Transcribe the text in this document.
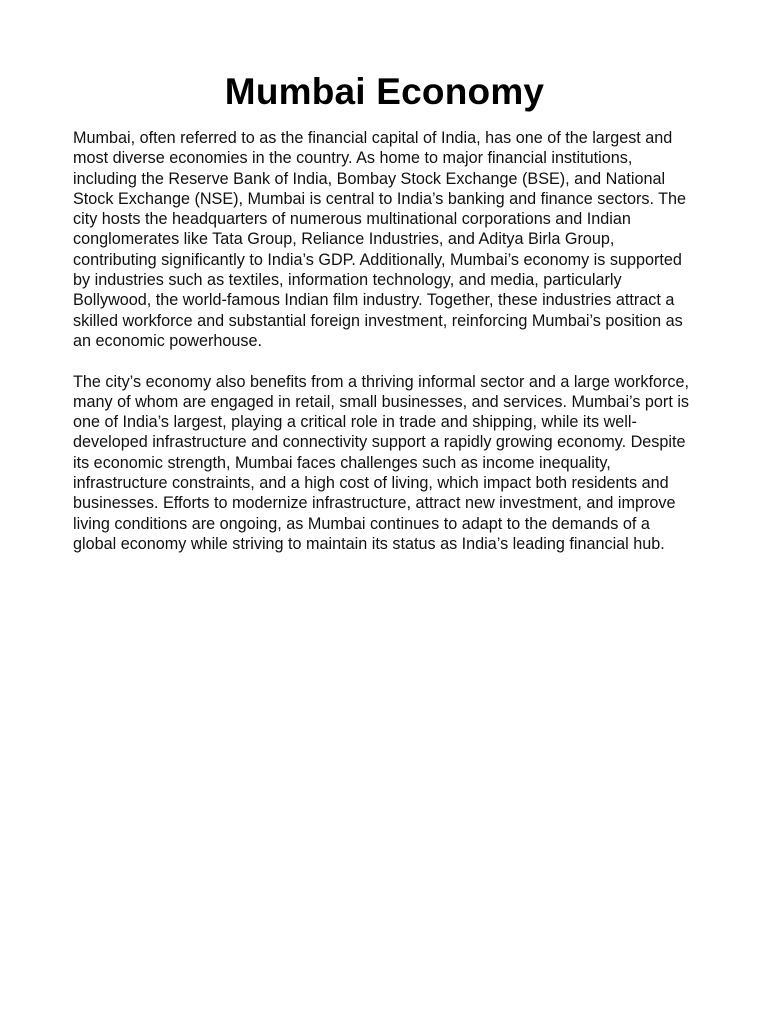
Mumbai Economy

Mumbai, often referred to as the financial capital of India, has one of the largest and most diverse economies in the country. As home to major financial institutions, including the Reserve Bank of India, Bombay Stock Exchange (BSE), and National Stock Exchange (NSE), Mumbai is central to India’s banking and finance sectors. The city hosts the headquarters of numerous multinational corporations and Indian conglomerates like Tata Group, Reliance Industries, and Aditya Birla Group, contributing significantly to India’s GDP. Additionally, Mumbai’s economy is supported by industries such as textiles, information technology, and media, particularly Bollywood, the world-famous Indian film industry. Together, these industries attract a skilled workforce and substantial foreign investment, reinforcing Mumbai’s position as an economic powerhouse.

The city’s economy also benefits from a thriving informal sector and a large workforce, many of whom are engaged in retail, small businesses, and services. Mumbai’s port is one of India’s largest, playing a critical role in trade and shipping, while its well-developed infrastructure and connectivity support a rapidly growing economy. Despite its economic strength, Mumbai faces challenges such as income inequality, infrastructure constraints, and a high cost of living, which impact both residents and businesses. Efforts to modernize infrastructure, attract new investment, and improve living conditions are ongoing, as Mumbai continues to adapt to the demands of a global economy while striving to maintain its status as India’s leading financial hub.
